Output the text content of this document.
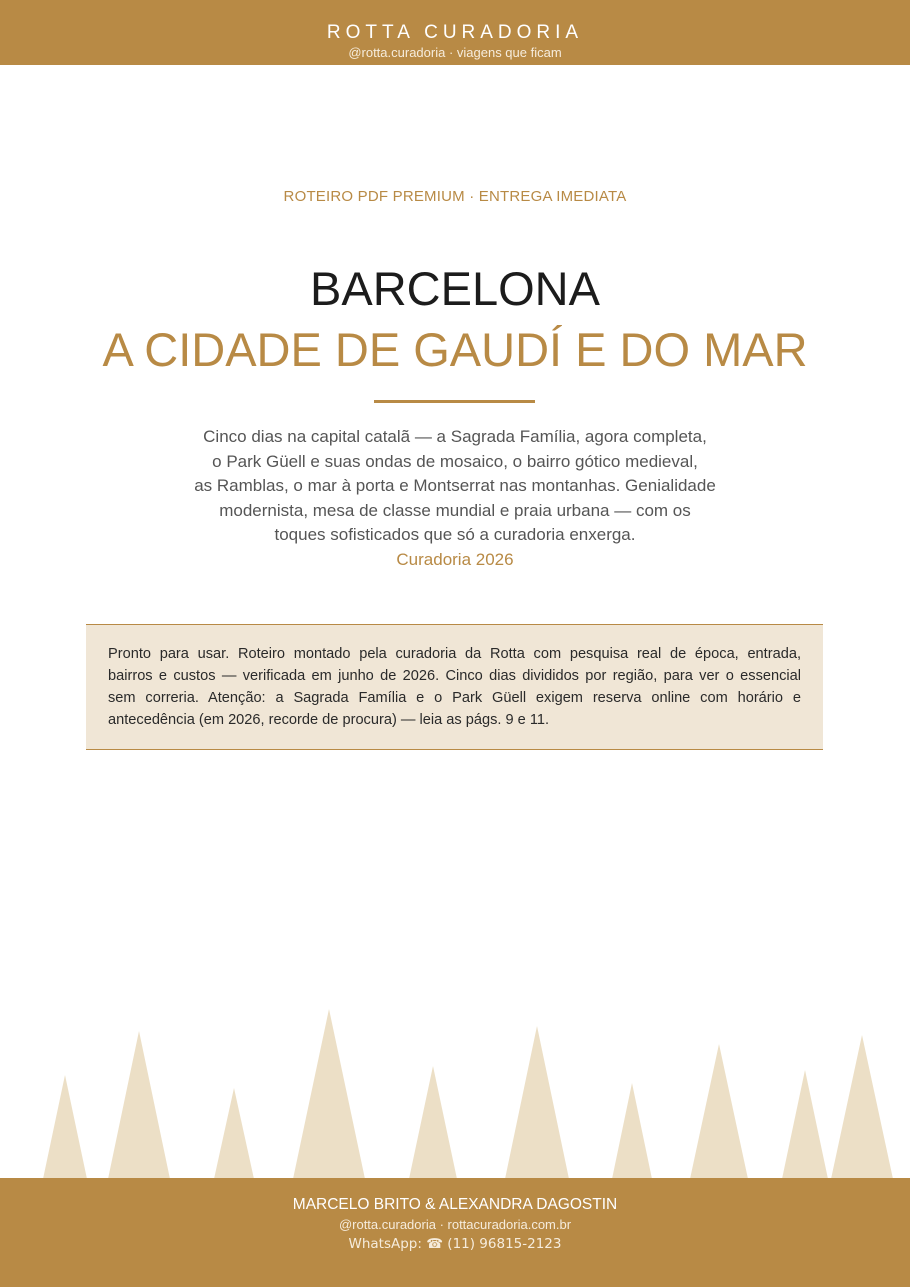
ROTTA CURADORIA
@rotta.curadoria · viagens que ficam
ROTEIRO PDF PREMIUM · ENTREGA IMEDIATA
BARCELONA
A CIDADE DE GAUDÍ E DO MAR
Cinco dias na capital catalã — a Sagrada Família, agora completa,
o Park Güell e suas ondas de mosaico, o bairro gótico medieval,
as Ramblas, o mar à porta e Montserrat nas montanhas. Genialidade
modernista, mesa de classe mundial e praia urbana — com os
toques sofisticados que só a curadoria enxerga.
Curadoria 2026
Pronto para usar. Roteiro montado pela curadoria da Rotta com pesquisa real de época, entrada,
bairros e custos — verificada em junho de 2026. Cinco dias divididos por região, para ver o essencial
sem correria. Atenção: a Sagrada Família e o Park Güell exigem reserva online com horário e
antecedência (em 2026, recorde de procura) — leia as págs. 9 e 11.
MARCELO BRITO & ALEXANDRA DAGOSTIN
@rotta.curadoria · rottacuradoria.com.br
WhatsApp: ☎ (11) 96815-2123
